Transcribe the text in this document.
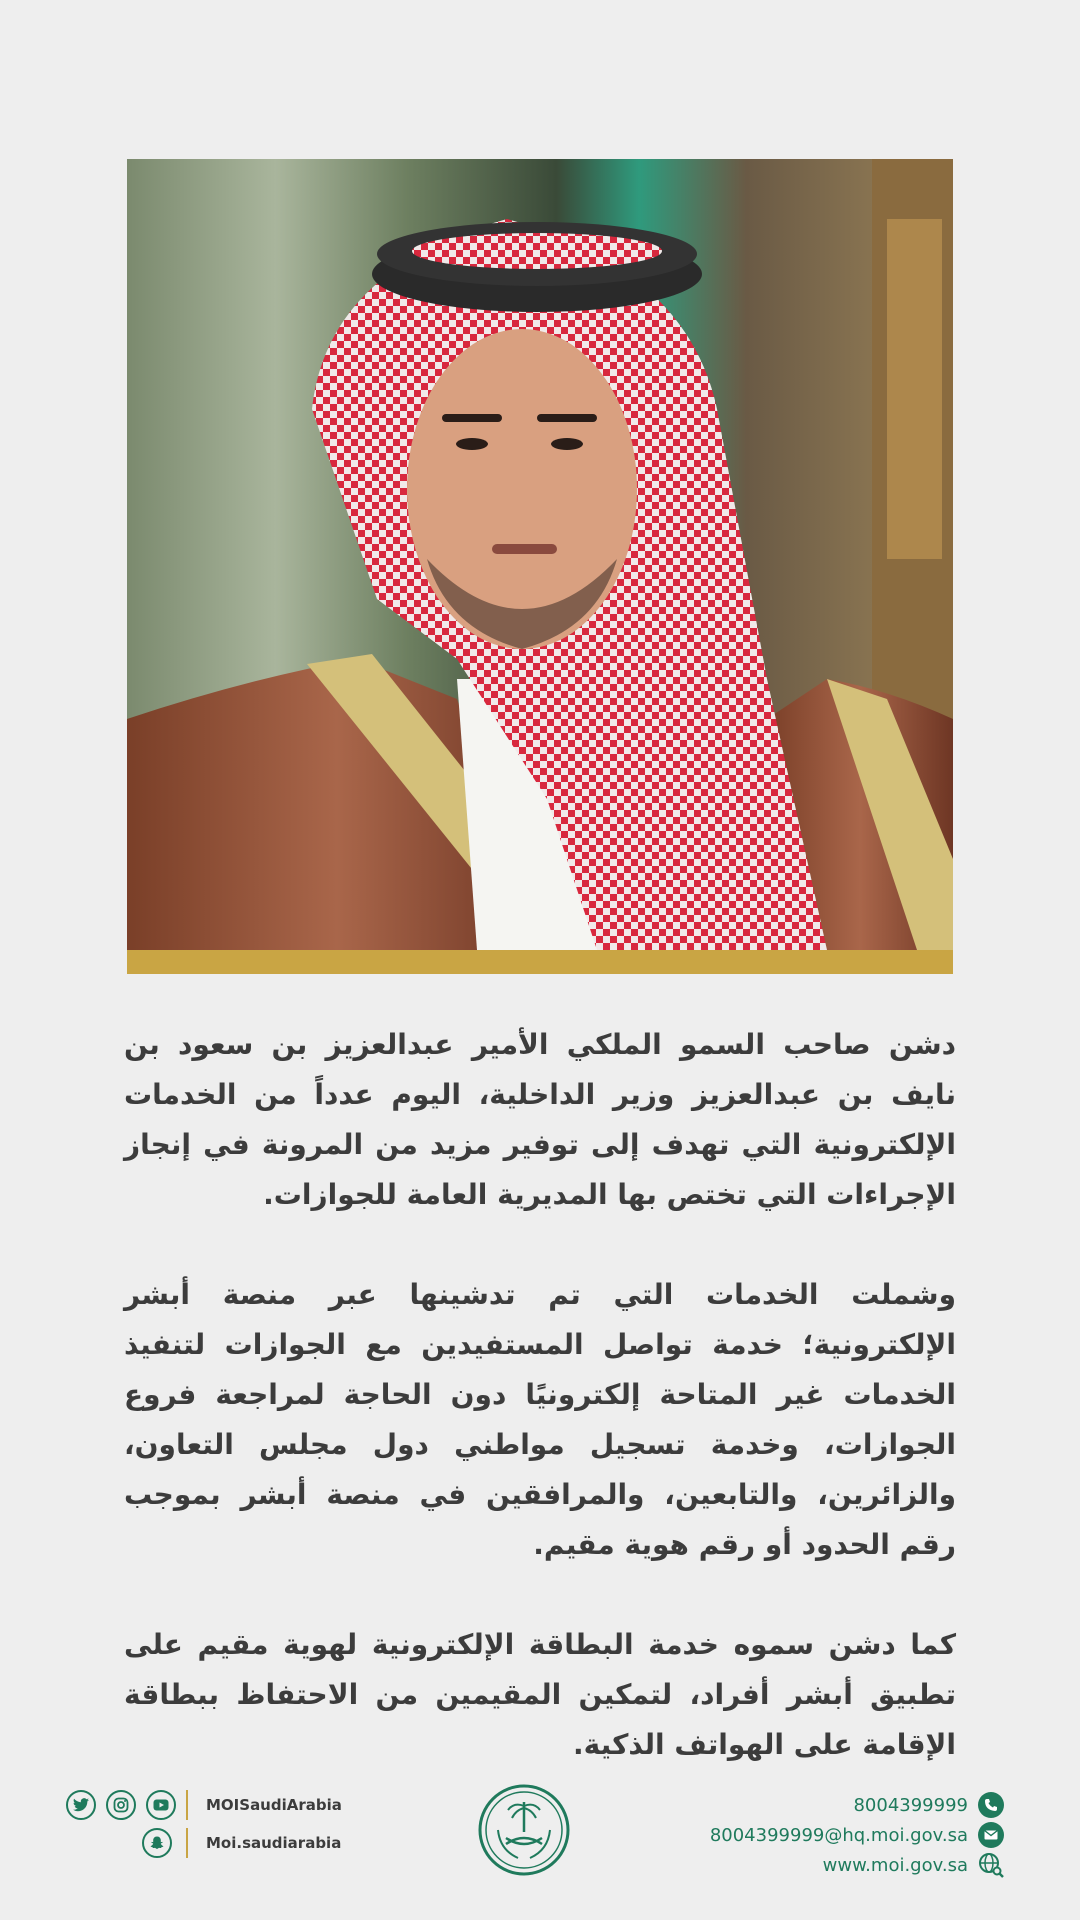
دشن صاحب السمو الملكي الأمير عبدالعزيز بن سعود بن نايف بن عبدالعزيز وزير الداخلية، اليوم عدداً من الخدمات الإلكترونية التي تهدف إلى توفير مزيد من المرونة في إنجاز الإجراءات التي تختص بها المديرية العامة للجوازات.

وشملت الخدمات التي تم تدشينها عبر منصة أبشر الإلكترونية؛ خدمة تواصل المستفيدين مع الجوازات لتنفيذ الخدمات غير المتاحة إلكترونيًا دون الحاجة لمراجعة فروع الجوازات، وخدمة تسجيل مواطني دول مجلس التعاون، والزائرين، والتابعين، والمرافقين في منصة أبشر بموجب رقم الحدود أو رقم هوية مقيم.

كما دشن سموه خدمة البطاقة الإلكترونية لهوية مقيم على تطبيق أبشر أفراد، لتمكين المقيمين من الاحتفاظ ببطاقة الإقامة على الهواتف الذكية.

MOISaudiArabia
Moi.saudiarabia
8004399999
8004399999@hq.moi.gov.sa
www.moi.gov.sa
